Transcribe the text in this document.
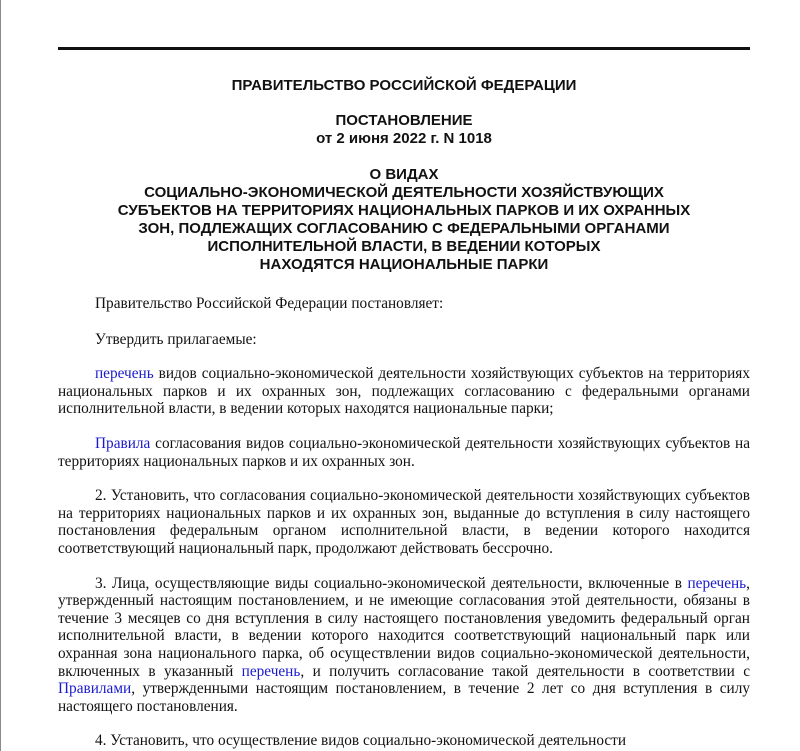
ПРАВИТЕЛЬСТВО РОССИЙСКОЙ ФЕДЕРАЦИИ
ПОСТАНОВЛЕНИЕ
от 2 июня 2022 г. N 1018
О ВИДАХ
СОЦИАЛЬНО-ЭКОНОМИЧЕСКОЙ ДЕЯТЕЛЬНОСТИ ХОЗЯЙСТВУЮЩИХ
СУБЪЕКТОВ НА ТЕРРИТОРИЯХ НАЦИОНАЛЬНЫХ ПАРКОВ И ИХ ОХРАННЫХ
ЗОН, ПОДЛЕЖАЩИХ СОГЛАСОВАНИЮ С ФЕДЕРАЛЬНЫМИ ОРГАНАМИ
ИСПОЛНИТЕЛЬНОЙ ВЛАСТИ, В ВЕДЕНИИ КОТОРЫХ
НАХОДЯТСЯ НАЦИОНАЛЬНЫЕ ПАРКИ

Правительство Российской Федерации постановляет:

Утвердить прилагаемые:

перечень видов социально-экономической деятельности хозяйствующих субъектов на территориях национальных парков и их охранных зон, подлежащих согласованию с федеральными органами исполнительной власти, в ведении которых находятся национальные парки;

Правила согласования видов социально-экономической деятельности хозяйствующих субъектов на территориях национальных парков и их охранных зон.

2. Установить, что согласования социально-экономической деятельности хозяйствующих субъектов на территориях национальных парков и их охранных зон, выданные до вступления в силу настоящего постановления федеральным органом исполнительной власти, в ведении которого находится соответствующий национальный парк, продолжают действовать бессрочно.

3. Лица, осуществляющие виды социально-экономической деятельности, включенные в перечень, утвержденный настоящим постановлением, и не имеющие согласования этой деятельности, обязаны в течение 3 месяцев со дня вступления в силу настоящего постановления уведомить федеральный орган исполнительной власти, в ведении которого находится соответствующий национальный парк или охранная зона национального парка, об осуществлении видов социально-экономической деятельности, включенных в указанный перечень, и получить согласование такой деятельности в соответствии с Правилами, утвержденными настоящим постановлением, в течение 2 лет со дня вступления в силу настоящего постановления.

4. Установить, что осуществление видов социально-экономической деятельности
